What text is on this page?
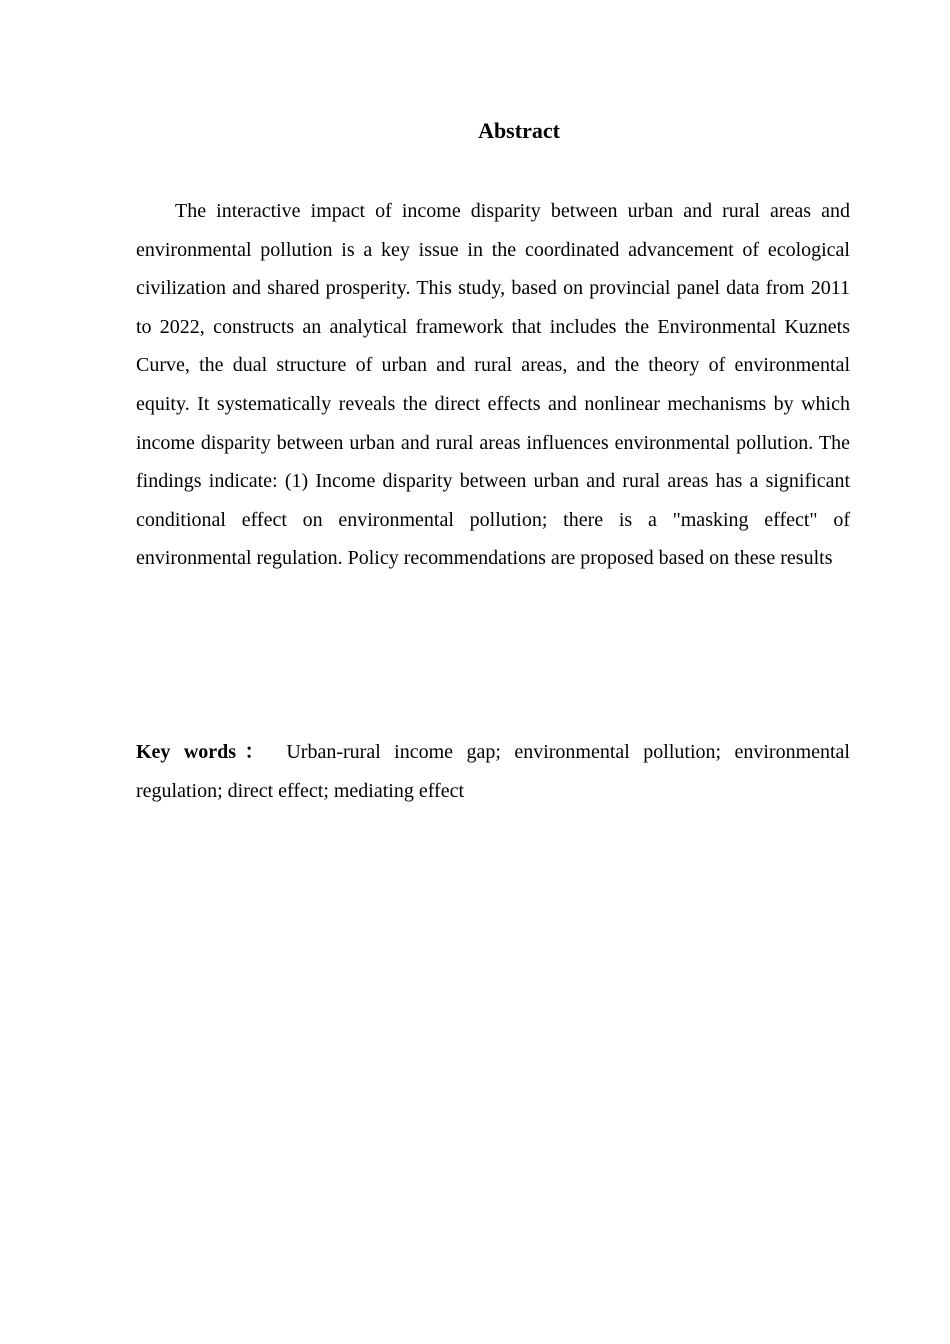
Abstract

The interactive impact of income disparity between urban and rural areas and environmental pollution is a key issue in the coordinated advancement of ecological civilization and shared prosperity. This study, based on provincial panel data from 2011 to 2022, constructs an analytical framework that includes the Environmental Kuznets Curve, the dual structure of urban and rural areas, and the theory of environmental equity. It systematically reveals the direct effects and nonlinear mechanisms by which income disparity between urban and rural areas influences environmental pollution. The findings indicate: (1) Income disparity between urban and rural areas has a significant conditional effect on environmental pollution; there is a "masking effect" of environmental regulation. Policy recommendations are proposed based on these results

Key words： Urban-rural income gap; environmental pollution; environmental regulation; direct effect; mediating effect
